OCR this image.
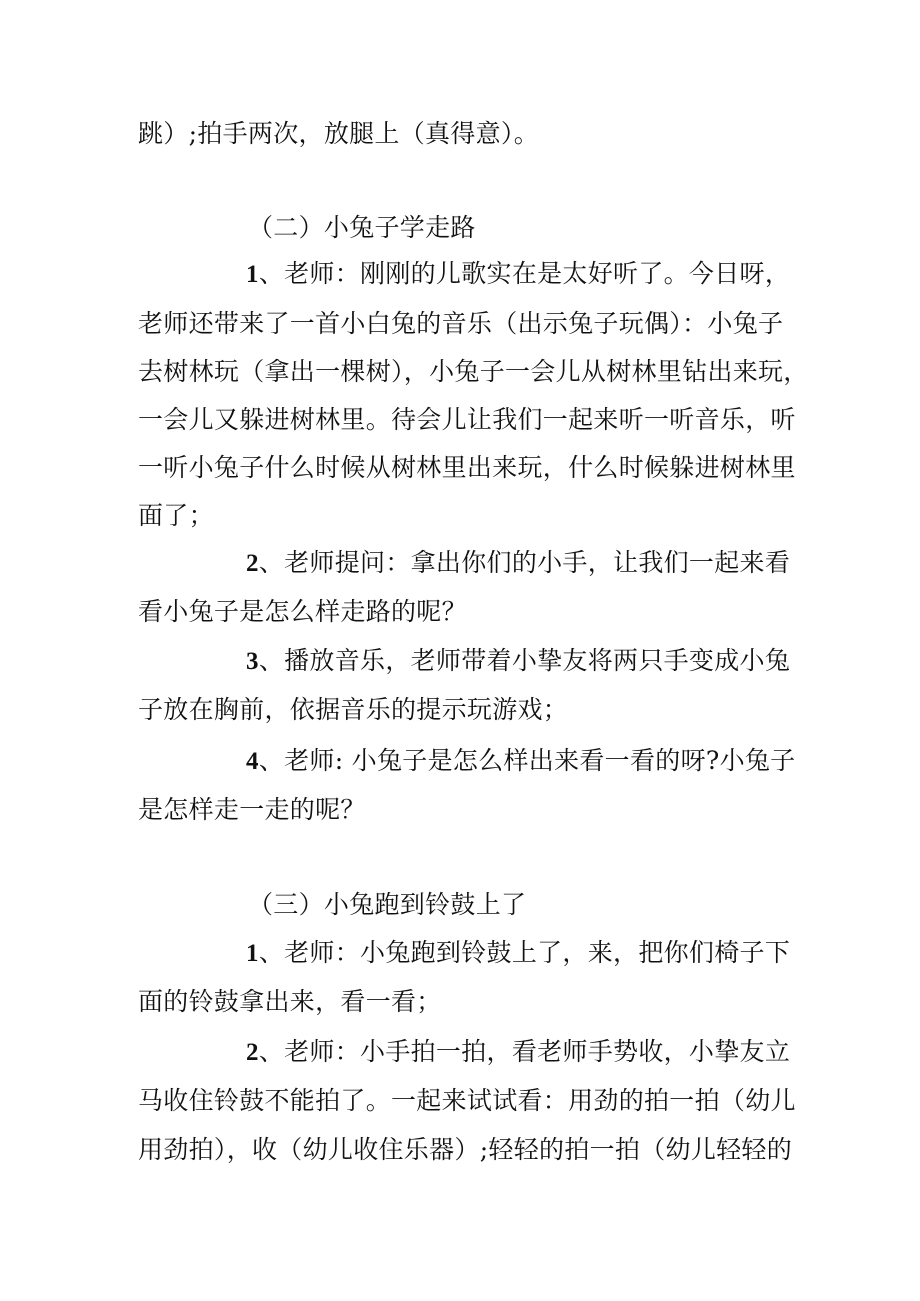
跳）;拍手两次，放腿上（真得意）。
（二）小兔子学走路
1、老师：刚刚的儿歌实在是太好听了。今日呀，
老师还带来了一首小白兔的音乐（出示兔子玩偶）：小兔子
去树林玩（拿出一棵树），小兔子一会儿从树林里钻出来玩，
一会儿又躲进树林里。待会儿让我们一起来听一听音乐，听
一听小兔子什么时候从树林里出来玩，什么时候躲进树林里
面了；
2、老师提问：拿出你们的小手，让我们一起来看
看小兔子是怎么样走路的呢？
3、播放音乐，老师带着小挚友将两只手变成小兔
子放在胸前，依据音乐的提示玩游戏；
4、老师: 小兔子是怎么样出来看一看的呀?小兔子
是怎样走一走的呢？
（三）小兔跑到铃鼓上了
1、老师：小兔跑到铃鼓上了，来，把你们椅子下
面的铃鼓拿出来，看一看；
2、老师：小手拍一拍，看老师手势收，小挚友立
马收住铃鼓不能拍了。一起来试试看：用劲的拍一拍（幼儿
用劲拍），收（幼儿收住乐器）;轻轻的拍一拍（幼儿轻轻的
